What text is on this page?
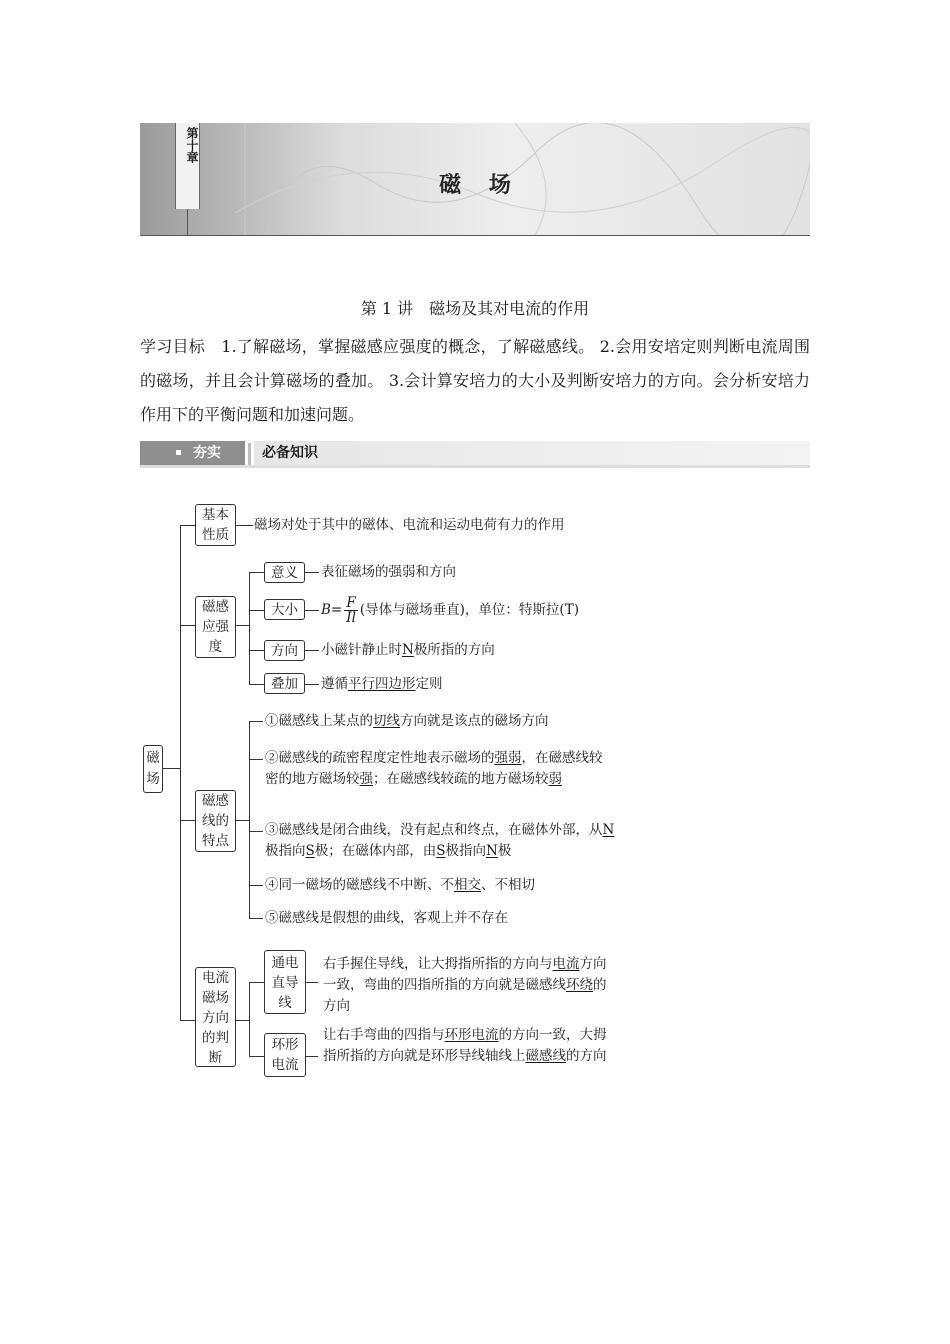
第十章
磁 场
第 1 讲　磁场及其对电流的作用
学习目标　1.了解磁场，掌握磁感应强度的概念，了解磁感线。 2.会用安培定则判断电流周围的磁场，并且会计算磁场的叠加。 3.会计算安培力的大小及判断安培力的方向。会分析安培力作用下的平衡问题和加速问题。
夯实	必备知识
磁场
基本性质
磁场对处于其中的磁体、电流和运动电荷有力的作用
磁感应强度
意义	表征磁场的强弱和方向
大小	$B= \frac{F}{Il}$ (导体与磁场垂直)，单位：特斯拉(T)
方向	小磁针静止时N极所指的方向
叠加	遵循平行四边形定则
磁感线的特点
①磁感线上某点的切线方向就是该点的磁场方向
②磁感线的疏密程度定性地表示磁场的强弱，在磁感线较密的地方磁场较强；在磁感线较疏的地方磁场较弱
③磁感线是闭合曲线，没有起点和终点，在磁体外部，从N极指向S极；在磁体内部，由S极指向N极
④同一磁场的磁感线不中断、不相交、不相切
⑤磁感线是假想的曲线，客观上并不存在
电流磁场方向的判断
通电直导线
右手握住导线，让大拇指所指的方向与电流方向一致，弯曲的四指所指的方向就是磁感线环绕的方向
环形电流
让右手弯曲的四指与环形电流的方向一致，大拇指所指的方向就是环形导线轴线上磁感线的方向
